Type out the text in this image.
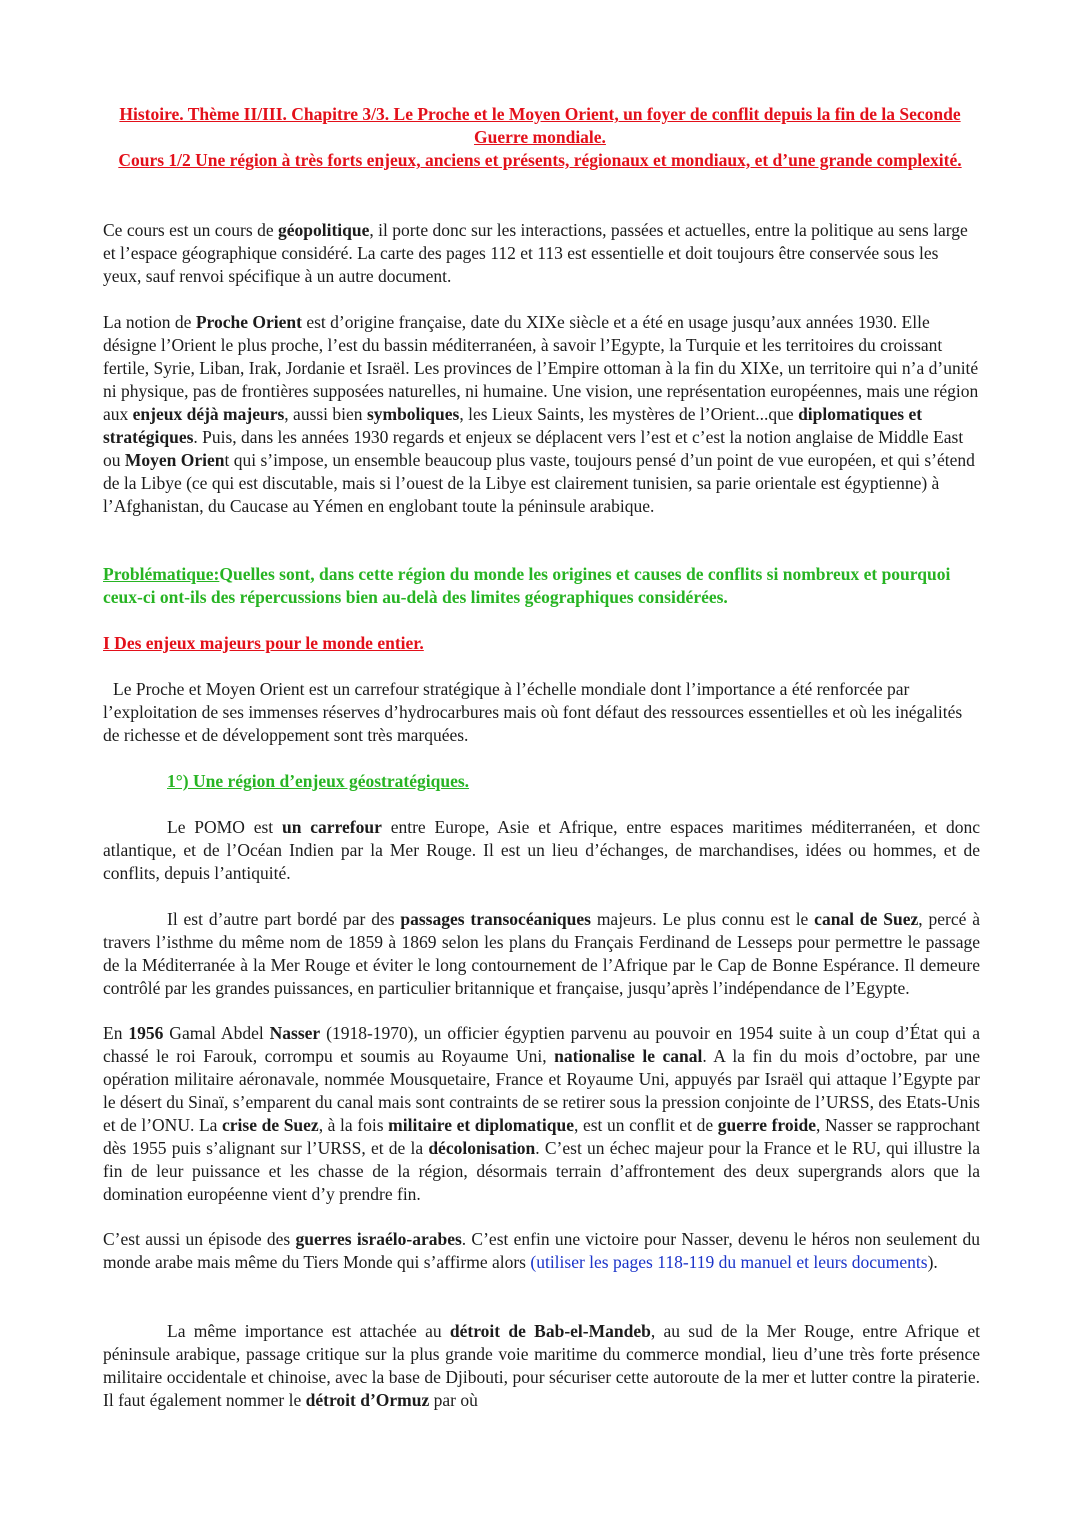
Histoire. Thème II/III. Chapitre 3/3. Le Proche et le Moyen Orient, un foyer de conflit depuis la fin de la Seconde Guerre mondiale.
Cours 1/2 Une région à très forts enjeux, anciens et présents, régionaux et mondiaux, et d’une grande complexité.

Ce cours est un cours de géopolitique, il porte donc sur les interactions, passées et actuelles, entre la politique au sens large et l’espace géographique considéré. La carte des pages 112 et 113 est essentielle et doit toujours être conservée sous les yeux, sauf renvoi spécifique à un autre document.

La notion de Proche Orient est d’origine française, date du XIXe siècle et a été en usage jusqu’aux années 1930. Elle désigne l’Orient le plus proche, l’est du bassin méditerranéen, à savoir l’Egypte, la Turquie et les territoires du croissant fertile, Syrie, Liban, Irak, Jordanie et Israël. Les provinces de l’Empire ottoman à la fin du XIXe, un territoire qui n’a d’unité ni physique, pas de frontières supposées naturelles, ni humaine. Une vision, une représentation européennes, mais une région aux enjeux déjà majeurs, aussi bien symboliques, les Lieux Saints, les mystères de l’Orient...que diplomatiques et stratégiques. Puis, dans les années 1930 regards et enjeux se déplacent vers l’est et c’est la notion anglaise de Middle East ou Moyen Orient qui s’impose, un ensemble beaucoup plus vaste, toujours pensé d’un point de vue européen, et qui s’étend de la Libye (ce qui est discutable, mais si l’ouest de la Libye est clairement tunisien, sa parie orientale est égyptienne) à l’Afghanistan, du Caucase au Yémen en englobant toute la péninsule arabique.

Problématique:Quelles sont, dans cette région du monde les origines et causes de conflits si nombreux et pourquoi ceux-ci ont-ils des répercussions bien au-delà des limites géographiques considérées.

I Des enjeux majeurs pour le monde entier.

Le Proche et Moyen Orient est un carrefour stratégique à l’échelle mondiale dont l’importance a été renforcée par l’exploitation de ses immenses réserves d’hydrocarbures mais où font défaut des ressources essentielles et où les inégalités de richesse et de développement sont très marquées.

1°) Une région d’enjeux géostratégiques.

Le POMO est un carrefour entre Europe, Asie et Afrique, entre espaces maritimes méditerranéen, et donc atlantique, et de l’Océan Indien par la Mer Rouge. Il est un lieu d’échanges, de marchandises, idées ou hommes, et de conflits, depuis l’antiquité.

Il est d’autre part bordé par des passages transocéaniques majeurs. Le plus connu est le canal de Suez, percé à travers l’isthme du même nom de 1859 à 1869 selon les plans du Français Ferdinand de Lesseps pour permettre le passage de la Méditerranée à la Mer Rouge et éviter le long contournement de l’Afrique par le Cap de Bonne Espérance. Il demeure contrôlé par les grandes puissances, en particulier britannique et française, jusqu’après l’indépendance de l’Egypte.

En 1956 Gamal Abdel Nasser (1918-1970), un officier égyptien parvenu au pouvoir en 1954 suite à un coup d’État qui a chassé le roi Farouk, corrompu et soumis au Royaume Uni, nationalise le canal. A la fin du mois d’octobre, par une opération militaire aéronavale, nommée Mousquetaire, France et Royaume Uni, appuyés par Israël qui attaque l’Egypte par le désert du Sinaï, s’emparent du canal mais sont contraints de se retirer sous la pression conjointe de l’URSS, des Etats-Unis et de l’ONU. La crise de Suez, à la fois militaire et diplomatique, est un conflit et de guerre froide, Nasser se rapprochant dès 1955 puis s’alignant sur l’URSS, et de la décolonisation. C’est un échec majeur pour la France et le RU, qui illustre la fin de leur puissance et les chasse de la région, désormais terrain d’affrontement des deux supergrands alors que la domination européenne vient d’y prendre fin.

C’est aussi un épisode des guerres israélo-arabes. C’est enfin une victoire pour Nasser, devenu le héros non seulement du monde arabe mais même du Tiers Monde qui s’affirme alors (utiliser les pages 118-119 du manuel et leurs documents).

La même importance est attachée au détroit de Bab-el-Mandeb, au sud de la Mer Rouge, entre Afrique et péninsule arabique, passage critique sur la plus grande voie maritime du commerce mondial, lieu d’une très forte présence militaire occidentale et chinoise, avec la base de Djibouti, pour sécuriser cette autoroute de la mer et lutter contre la piraterie. Il faut également nommer le détroit d’Ormuz par où
